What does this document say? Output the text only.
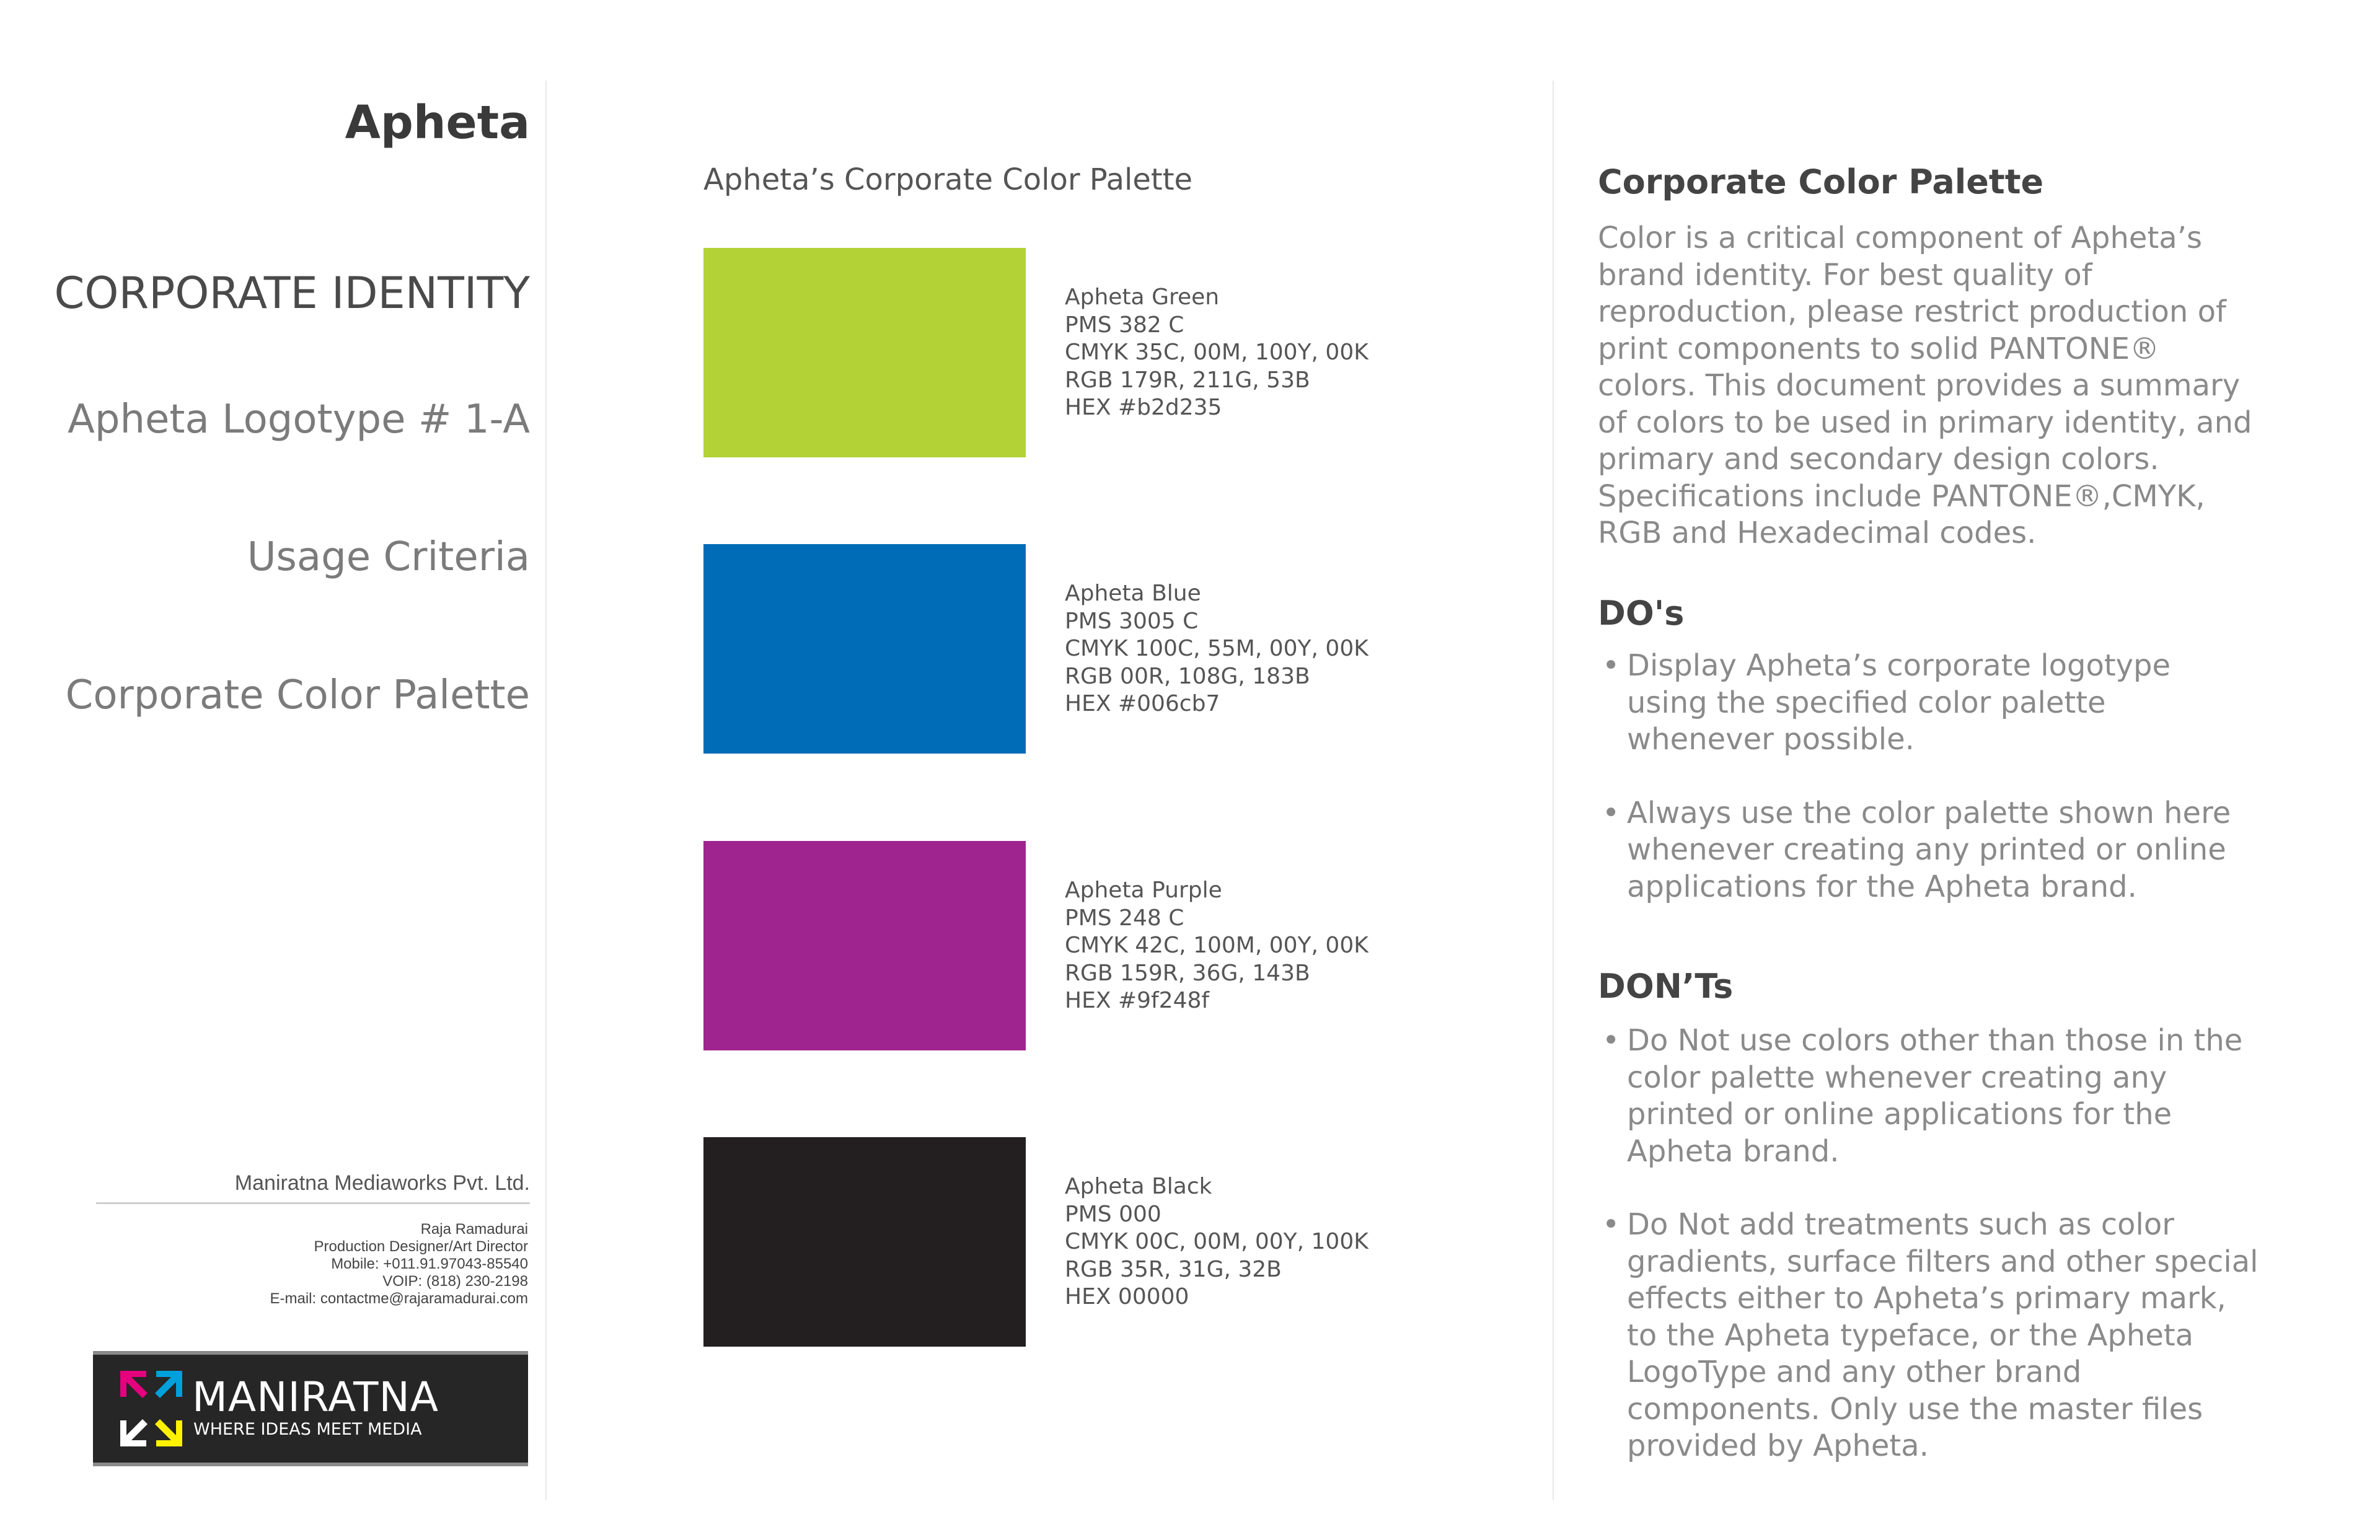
Apheta
CORPORATE IDENTITY
Apheta Logotype # 1-A
Usage Criteria
Corporate Color Palette
Maniratna Mediaworks Pvt. Ltd.
Raja Ramadurai
Production Designer/Art Director
Mobile: +011.91.97043-85540
VOIP: (818) 230-2198
E-mail: contactme@rajaramadurai.com
MANIRATNA
WHERE IDEAS MEET MEDIA
Apheta’s Corporate Color Palette
Apheta Green
PMS 382 C
CMYK 35C, 00M, 100Y, 00K
RGB 179R, 211G, 53B
HEX #b2d235
Apheta Blue
PMS 3005 C
CMYK 100C, 55M, 00Y, 00K
RGB 00R, 108G, 183B
HEX #006cb7
Apheta Purple
PMS 248 C
CMYK 42C, 100M, 00Y, 00K
RGB 159R, 36G, 143B
HEX #9f248f
Apheta Black
PMS 000
CMYK 00C, 00M, 00Y, 100K
RGB 35R, 31G, 32B
HEX 00000
Corporate Color Palette
Color is a critical component of Apheta’s brand identity. For best quality of reproduction, please restrict production of print components to solid PANTONE® colors. This document provides a summary of colors to be used in primary identity, and primary and secondary design colors. Specifications include PANTONE®,CMYK, RGB and Hexadecimal codes.
DO's
• Display Apheta’s corporate logotype using the specified color palette whenever possible.
• Always use the color palette shown here whenever creating any printed or online applications for the Apheta brand.
DON’Ts
• Do Not use colors other than those in the color palette whenever creating any printed or online applications for the Apheta brand.
• Do Not add treatments such as color gradients, surface filters and other special effects either to Apheta’s primary mark, to the Apheta typeface, or the Apheta LogoType and any other brand components. Only use the master files provided by Apheta.
